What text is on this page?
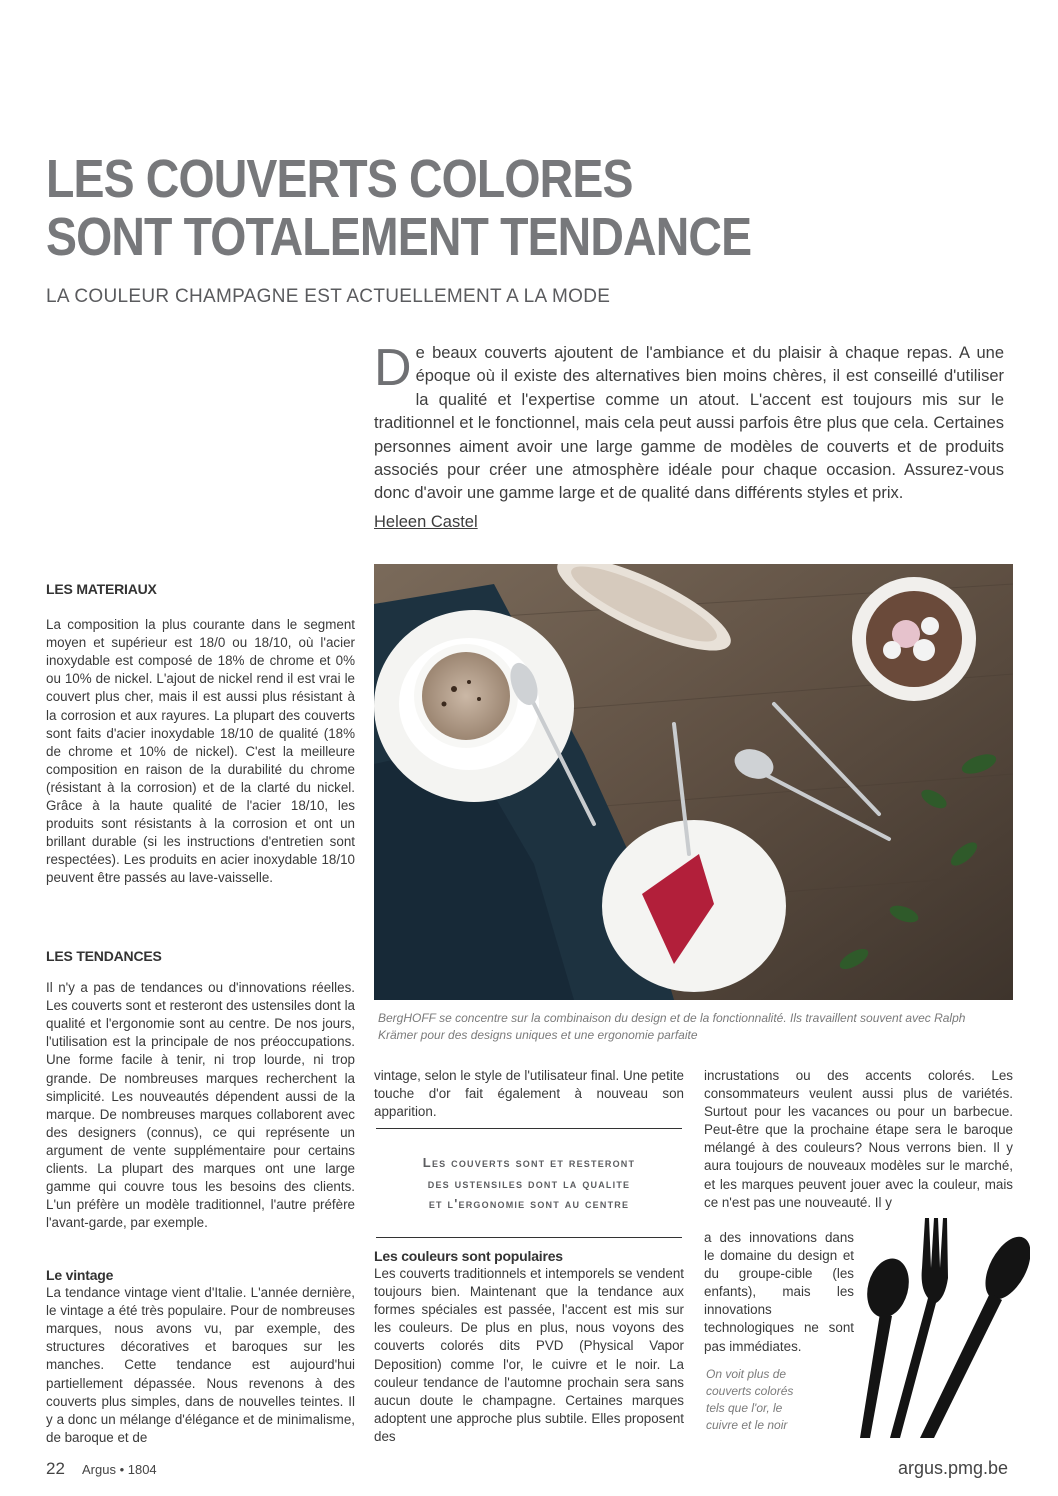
LES COUVERTS COLORES
SONT TOTALEMENT TENDANCE
LA COULEUR CHAMPAGNE EST ACTUELLEMENT A LA MODE
De beaux couverts ajoutent de l'ambiance et du plaisir à chaque repas. A une époque où il existe des alternatives bien moins chères, il est conseillé d'utiliser la qualité et l'expertise comme un atout. L'accent est toujours mis sur le traditionnel et le fonctionnel, mais cela peut aussi parfois être plus que cela. Certaines personnes aiment avoir une large gamme de modèles de couverts et de produits associés pour créer une atmosphère idéale pour chaque occasion. Assurez-vous donc d'avoir une gamme large et de qualité dans différents styles et prix.
Heleen Castel
LES MATERIAUX

La composition la plus courante dans le segment moyen et supérieur est 18/0 ou 18/10, où l'acier inoxydable est composé de 18% de chrome et 0% ou 10% de nickel. L'ajout de nickel rend il est vrai le couvert plus cher, mais il est aussi plus résistant à la corrosion et aux rayures. La plupart des couverts sont faits d'acier inoxydable 18/10 de qualité (18% de chrome et 10% de nickel). C'est la meilleure composition en raison de la durabilité du chrome (résistant à la corrosion) et de la clarté du nickel. Grâce à la haute qualité de l'acier 18/10, les produits sont résistants à la corrosion et ont un brillant durable (si les instructions d'entretien sont respectées). Les produits en acier inoxydable 18/10 peuvent être passés au lave-vaisselle.

LES TENDANCES

Il n'y a pas de tendances ou d'innovations réelles. Les couverts sont et resteront des ustensiles dont la qualité et l'ergonomie sont au centre. De nos jours, l'utilisation est la principale de nos préoccupations. Une forme facile à tenir, ni trop lourde, ni trop grande. De nombreuses marques recherchent la simplicité. Les nouveautés dépendent aussi de la marque. De nombreuses marques collaborent avec des designers (connus), ce qui représente un argument de vente supplémentaire pour certains clients. La plupart des marques ont une large gamme qui couvre tous les besoins des clients. L'un préfère un modèle traditionnel, l'autre préfère l'avant-garde, par exemple.

Le vintage

La tendance vintage vient d'Italie. L'année dernière, le vintage a été très populaire. Pour de nombreuses marques, nous avons vu, par exemple, des structures décoratives et baroques sur les manches. Cette tendance est aujourd'hui partiellement dépassée. Nous revenons à des couverts plus simples, dans de nouvelles teintes. Il y a donc un mélange d'élégance et de minimalisme, de baroque et de

BergHOFF se concentre sur la combinaison du design et de la fonctionnalité. Ils travaillent souvent avec Ralph Krämer pour des designs uniques et une ergonomie parfaite
vintage, selon le style de l'utilisateur final. Une petite touche d'or fait également à nouveau son apparition.
Les couverts sont et resteront
des ustensiles dont la qualite
et l'ergonomie sont au centre
Les couleurs sont populaires

Les couverts traditionnels et intemporels se vendent toujours bien. Maintenant que la tendance aux formes spéciales est passée, l'accent est mis sur les couleurs. De plus en plus, nous voyons des couverts colorés dits PVD (Physical Vapor Deposition) comme l'or, le cuivre et le noir. La couleur tendance de l'automne prochain sera sans aucun doute le champagne. Certaines marques adoptent une approche plus subtile. Elles proposent des

incrustations ou des accents colorés. Les consommateurs veulent aussi plus de variétés. Surtout pour les vacances ou pour un barbecue. Peut-être que la prochaine étape sera le baroque mélangé à des couleurs? Nous verrons bien. Il y aura toujours de nouveaux modèles sur le marché, et les marques peuvent jouer avec la couleur, mais ce n'est pas une nouveauté. Il y
a des innovations dans le domaine du design et du groupe-cible (les enfants), mais les innovations technologiques ne sont pas immédiates.
On voit plus de couverts colorés tels que l'or, le cuivre et le noir
22 Argus • 1804	argus.pmg.be
